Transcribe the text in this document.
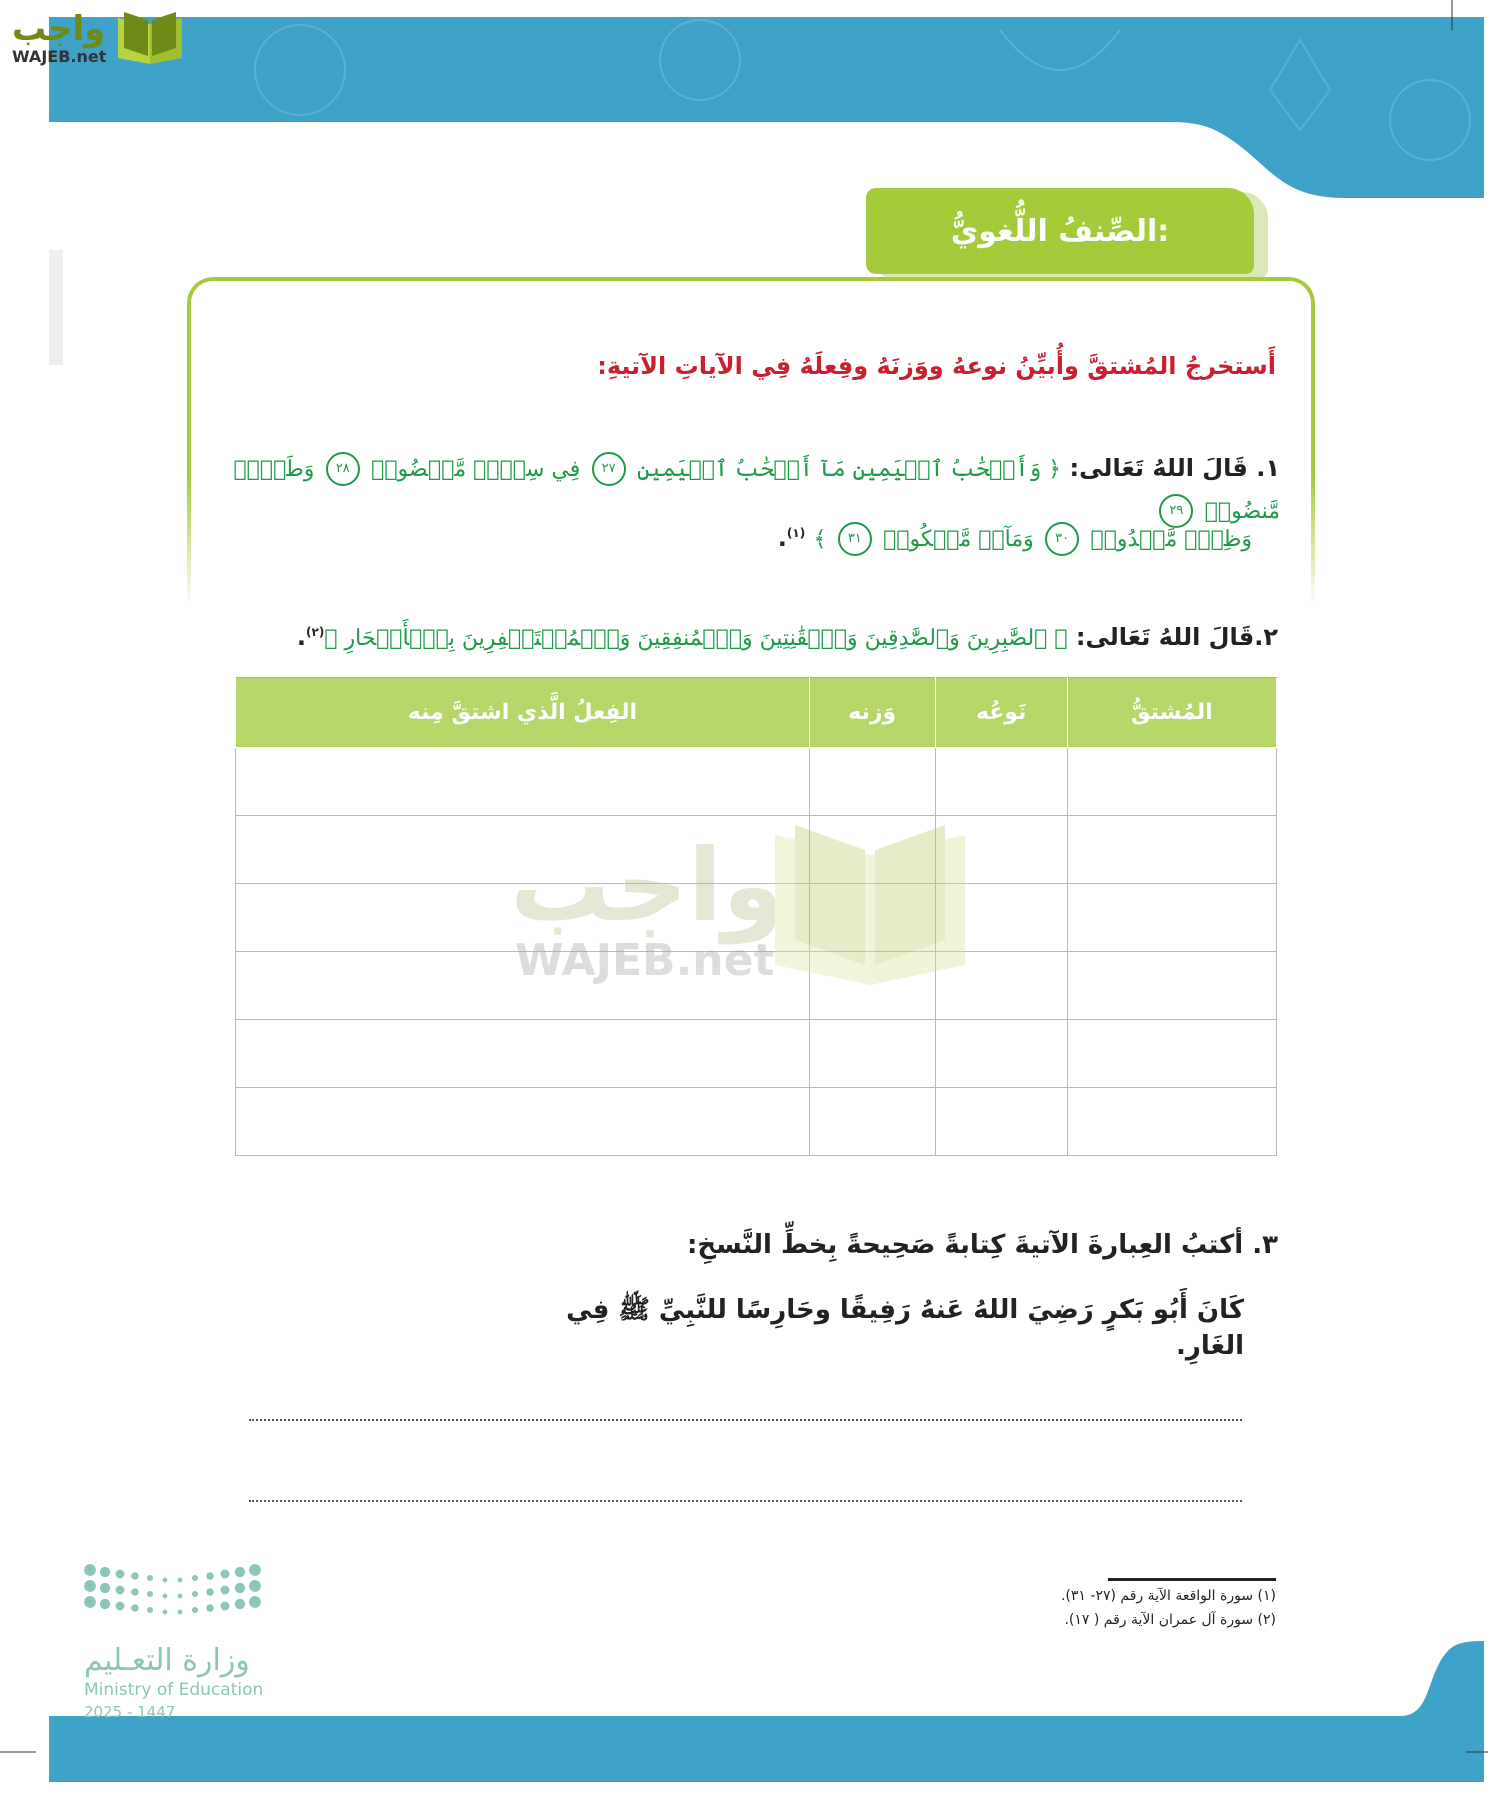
واجب
WAJEB.net
الصِّنفُ اللُّغويُّ:
أَستخرجُ المُشتقَّ وأُبيِّنُ نوعهُ ووَزنَهُ وفِعلَهُ فِي الآياتِ الآتيةِ:
١. قَالَ اللهُ تَعَالى: ﴿ وَأَصۡحَٰبُ ٱلۡيَمِينِ مَآ أَصۡحَٰبُ ٱلۡيَمِينِ ٢٧ فِي سِدۡرٖ مَّخۡضُودٖ ٢٨ وَطَلۡحٖ مَّنضُودٖ ٢٩
وَظِلّٖ مَّمۡدُودٖ ٣٠ وَمَآءٖ مَّسۡكُوبٖ ٣١ ﴾ $^{(١)}$.
٢.قَالَ اللهُ تَعَالى: ﴿ ٱلصَّٰبِرِينَ وَٱلصَّٰدِقِينَ وَٱلۡقَٰنِتِينَ وَٱلۡمُنفِقِينَ وَٱلۡمُسۡتَغۡفِرِينَ بِٱلۡأَسۡحَارِ ﴾$^{(٢)}$.
المُشتقُّ	نَوعُه	وَزنه	الفِعلُ الَّذي اشتقَّ مِنه

واجب
WAJEB.net
٣. أكتبُ العِبارةَ الآتيةَ كِتابةً صَحِيحةً بِخطِّ النَّسخِ:
كَانَ أَبُو بَكرٍ رَضِيَ اللهُ عَنهُ رَفِيقًا وحَارِسًا للنَّبِيِّ ﷺ فِي الغَارِ.
(١) سورة الواقعة الآية رقم (٢٧- ٣١).
(٢) سورة آل عمران الآية رقم ( ١٧).
وزارة التعـليم
Ministry of Education
2025 - 1447
١٦٠
